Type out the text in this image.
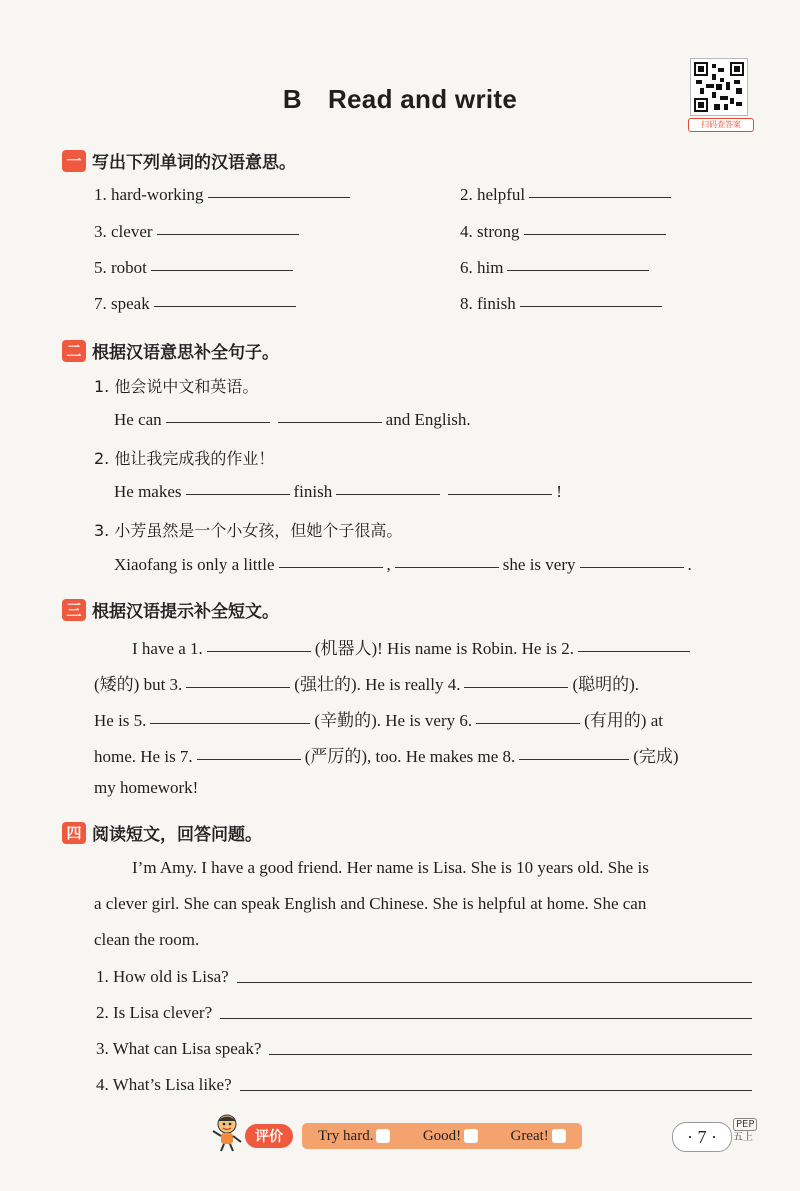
B Read and write
扫码查答案
一 写出下列单词的汉语意思。
1. hard-working	2. helpful
3. clever	4. strong
5. robot	6. him
7. speak	8. finish
二 根据汉语意思补全句子。
1. 他会说中文和英语。
He can	and English.
2. 他让我完成我的作业！
He makes	finish	!
3. 小芳虽然是一个小女孩，但她个子很高。
Xiaofang is only a little	,	she is very	.
三 根据汉语提示补全短文。
I have a 1.	(机器人)! His name is Robin. He is 2.
(矮的) but 3.	(强壮的). He is really 4.	(聪明的).
He is 5.	(辛勤的). He is very 6.	(有用的) at
home. He is 7.	(严厉的), too. He makes me 8.	(完成)
my homework!
四 阅读短文，回答问题。
I’m Amy. I have a good friend. Her name is Lisa. She is 10 years old. She is
a clever girl. She can speak English and Chinese. She is helpful at home. She can
clean the room.
1. How old is Lisa?
2. Is Lisa clever?
3. What can Lisa speak?
4. What’s Lisa like?
评价	Try hard.	Good!	Great!	· 7 ·
PEP
五上
